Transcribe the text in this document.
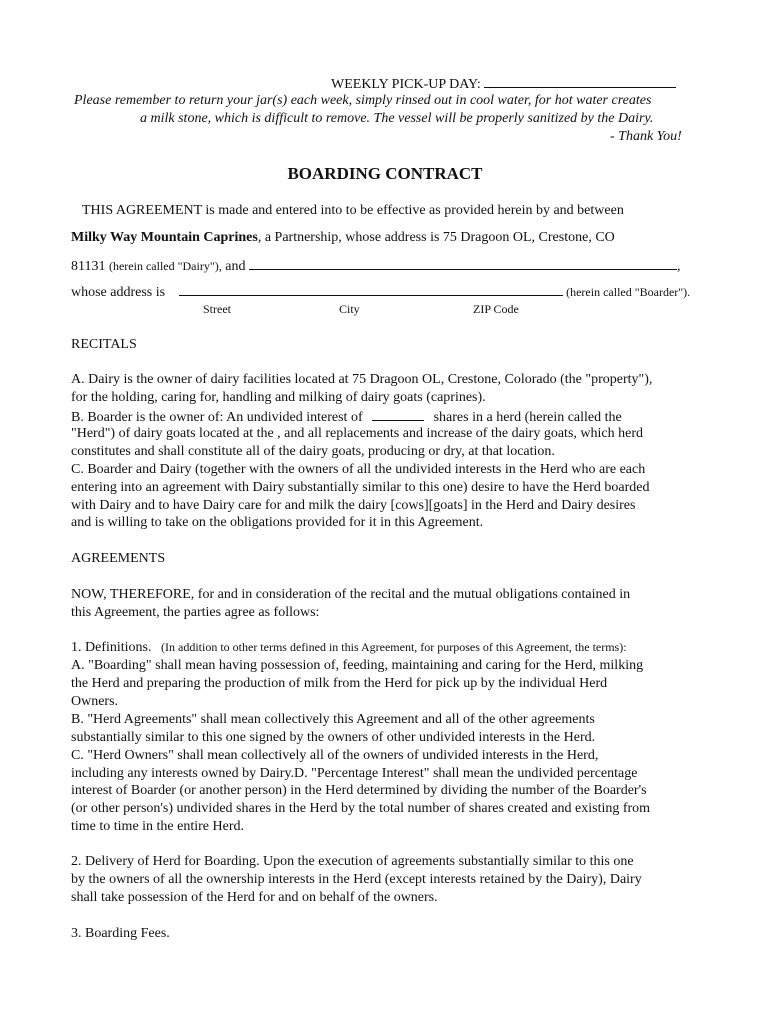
WEEKLY PICK-UP DAY:
Please remember to return your jar(s) each week, simply rinsed out in cool water, for hot water creates
a milk stone, which is difficult to remove. The vessel will be properly sanitized by the Dairy.
- Thank You!
BOARDING CONTRACT
THIS AGREEMENT is made and entered into to be effective as provided herein by and between
Milky Way Mountain Caprines, a Partnership, whose address is 75 Dragoon OL, Crestone, CO
81131 (herein called "Dairy"), and	,
whose address is	(herein called "Boarder").
Street	City	ZIP Code
RECITALS
A. Dairy is the owner of dairy facilities located at 75 Dragoon OL, Crestone, Colorado (the "property"),
for the holding, caring for, handling and milking of dairy goats (caprines).
B. Boarder is the owner of: An undivided interest of	shares in a herd (herein called the
"Herd") of dairy goats located at the , and all replacements and increase of the dairy goats, which herd
constitutes and shall constitute all of the dairy goats, producing or dry, at that location.
C. Boarder and Dairy (together with the owners of all the undivided interests in the Herd who are each
entering into an agreement with Dairy substantially similar to this one) desire to have the Herd boarded
with Dairy and to have Dairy care for and milk the dairy [cows][goats] in the Herd and Dairy desires
and is willing to take on the obligations provided for it in this Agreement.
AGREEMENTS
NOW, THEREFORE, for and in consideration of the recital and the mutual obligations contained in
this Agreement, the parties agree as follows:
1. Definitions. (In addition to other terms defined in this Agreement, for purposes of this Agreement, the terms):
A. "Boarding" shall mean having possession of, feeding, maintaining and caring for the Herd, milking
the Herd and preparing the production of milk from the Herd for pick up by the individual Herd
Owners.
B. "Herd Agreements" shall mean collectively this Agreement and all of the other agreements
substantially similar to this one signed by the owners of other undivided interests in the Herd.
C. "Herd Owners" shall mean collectively all of the owners of undivided interests in the Herd,
including any interests owned by Dairy.D. "Percentage Interest" shall mean the undivided percentage
interest of Boarder (or another person) in the Herd determined by dividing the number of the Boarder's
(or other person's) undivided shares in the Herd by the total number of shares created and existing from
time to time in the entire Herd.
2. Delivery of Herd for Boarding. Upon the execution of agreements substantially similar to this one
by the owners of all the ownership interests in the Herd (except interests retained by the Dairy), Dairy
shall take possession of the Herd for and on behalf of the owners.
3. Boarding Fees.
